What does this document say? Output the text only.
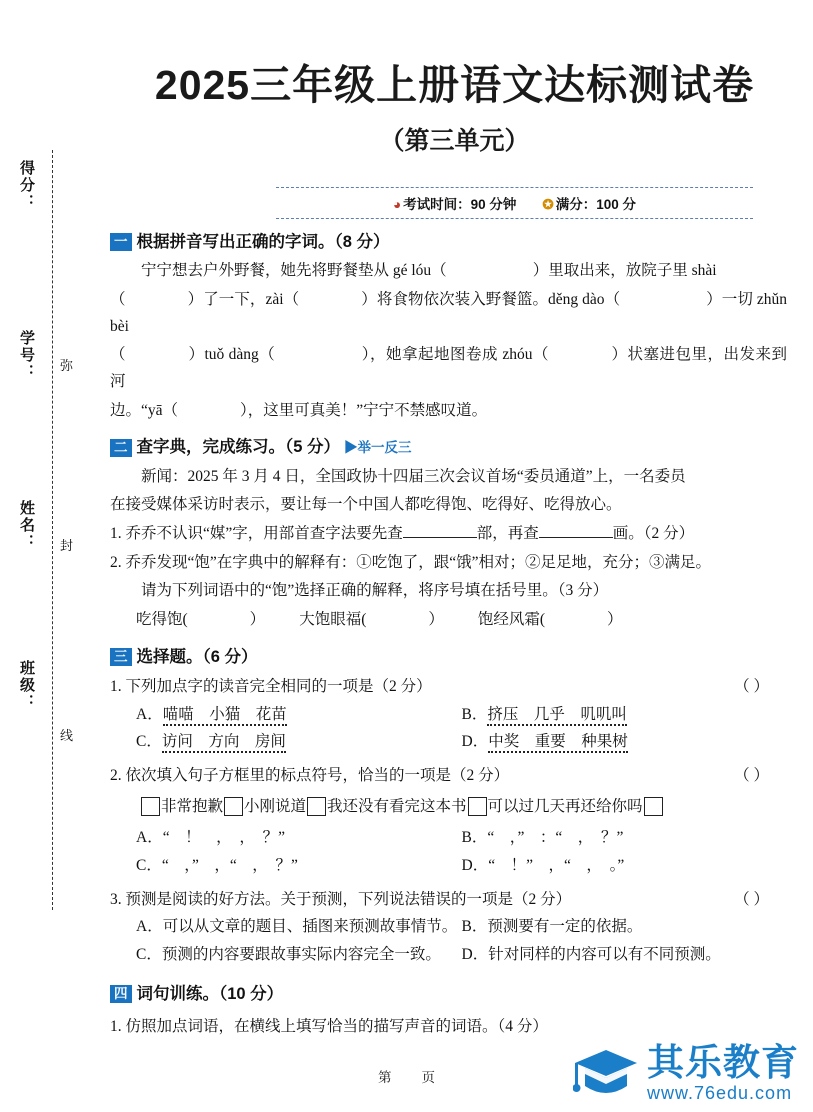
得分：
学号：
姓名：
班级：
弥
封
线
2025三年级上册语文达标测试卷
（第三单元）
◕ 考试时间：90 分钟 ✪ 满分：100 分
一 根据拼音写出正确的字词 。（8 分）

宁宁想去户外野餐，她先将野餐垫从 gé lóu（	）里取出来，放院子里 shài

（	）了一下，zài（	）将食物依次装入野餐篮。děng dào（	）一切 zhǔn bèi

（	）tuǒ dàng（	），她拿起地图卷成 zhóu（	）状塞进包里，出发来到河

边。“yā（	），这里可真美！”宁宁不禁感叹道。

二 查字典，完成练习 。（5 分） ▶举一反三

新闻：2025 年 3 月 4 日，全国政协十四届三次会议首场“委员通道”上，一名委员

在接受媒体采访时表示，要让每一个中国人都吃得饱、吃得好、吃得放心。

1. 乔乔不认识“媒”字，用部首查字法要先查	部，再查	画。（2 分）

2. 乔乔发现“饱”在字典中的解释有：①吃饱了，跟“饿”相对；②足足地，充分；③满足。

请为下列词语中的“饱”选择正确的解释，将序号填在括号里。（3 分）

吃得饱(	） 大饱眼福(	） 饱经风霜(	）

三 选择题 。（6 分）
（ ）
1. 下列加点字的读音完全相同的一项是（2 分）
A．喵喵　小猫　花苗	B．挤压　几乎　叽叽叫
C．访问　方向　房间	D．中奖　重要　种果树
（ ）
2. 依次填入句子方框里的标点符号，恰当的一项是（2 分）
非常抱歉 小刚说道 我还没有看完这本书 可以过几天再还给你吗
A．“　！　，　，　？”	B．“　，”　：“　，　？”
C．“　，”　，“　，　？”	D．“　！”　，“　，　。”
（ ）
3. 预测是阅读的好方法。关于预测，下列说法错误的一项是（2 分）
A．可以从文章的题目、插图来预测故事情节。 B．预测要有一定的依据。
C．预测的内容要跟故事实际内容完全一致。	D．针对同样的内容可以有不同预测。
四 词句训练 。（10 分）

1. 仿照加点词语，在横线上填写恰当的描写声音的词语。（4 分）

第 页	其乐教育
www.76edu.com
